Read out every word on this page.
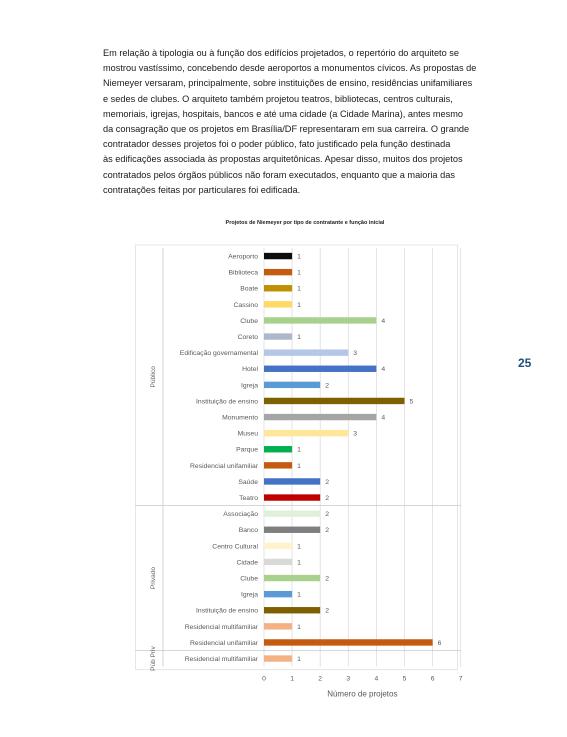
Em relação à tipologia ou à função dos edifícios projetados, o repertório do arquiteto se
mostrou vastíssimo, concebendo desde aeroportos a monumentos cívicos. As propostas de
Niemeyer versaram, principalmente, sobre instituições de ensino, residências unifamiliares
e sedes de clubes. O arquiteto também projetou teatros, bibliotecas, centros culturais,
memoriais, igrejas, hospitais, bancos e até uma cidade (a Cidade Marina), antes mesmo
da consagração que os projetos em Brasília/DF representaram em sua carreira. O grande
contratador desses projetos foi o poder público, fato justificado pela função destinada
às edificações associada às propostas arquitetônicas. Apesar disso, muitos dos projetos
contratados pelos órgãos públicos não foram executados, enquanto que a maioria das
contratações feitas por particulares foi edificada.
25
Projetos de Niemeyer por tipo de contratante e função inicial
Público
Privado
Púb Priv
Aeroporto	1
Biblioteca	1
Boate	1
Cassino	1
Clube	4
Coreto	1
Edificação governamental	3
Hotel	4
Igreja	2
Instituição de ensino	5
Monumento	4
Museu	3
Parque	1
Residencial unifamiliar	1
Saúde	2
Teatro	2
Associação	2
Banco	2
Centro Cultural	1
Cidade	1
Clube	2
Igreja	1
Instituição de ensino	2
Residencial multifamiliar	1
Residencial unifamiliar	6
Residencial multifamiliar	1
0	1	2	3	4	5	6	7
Número de projetos
